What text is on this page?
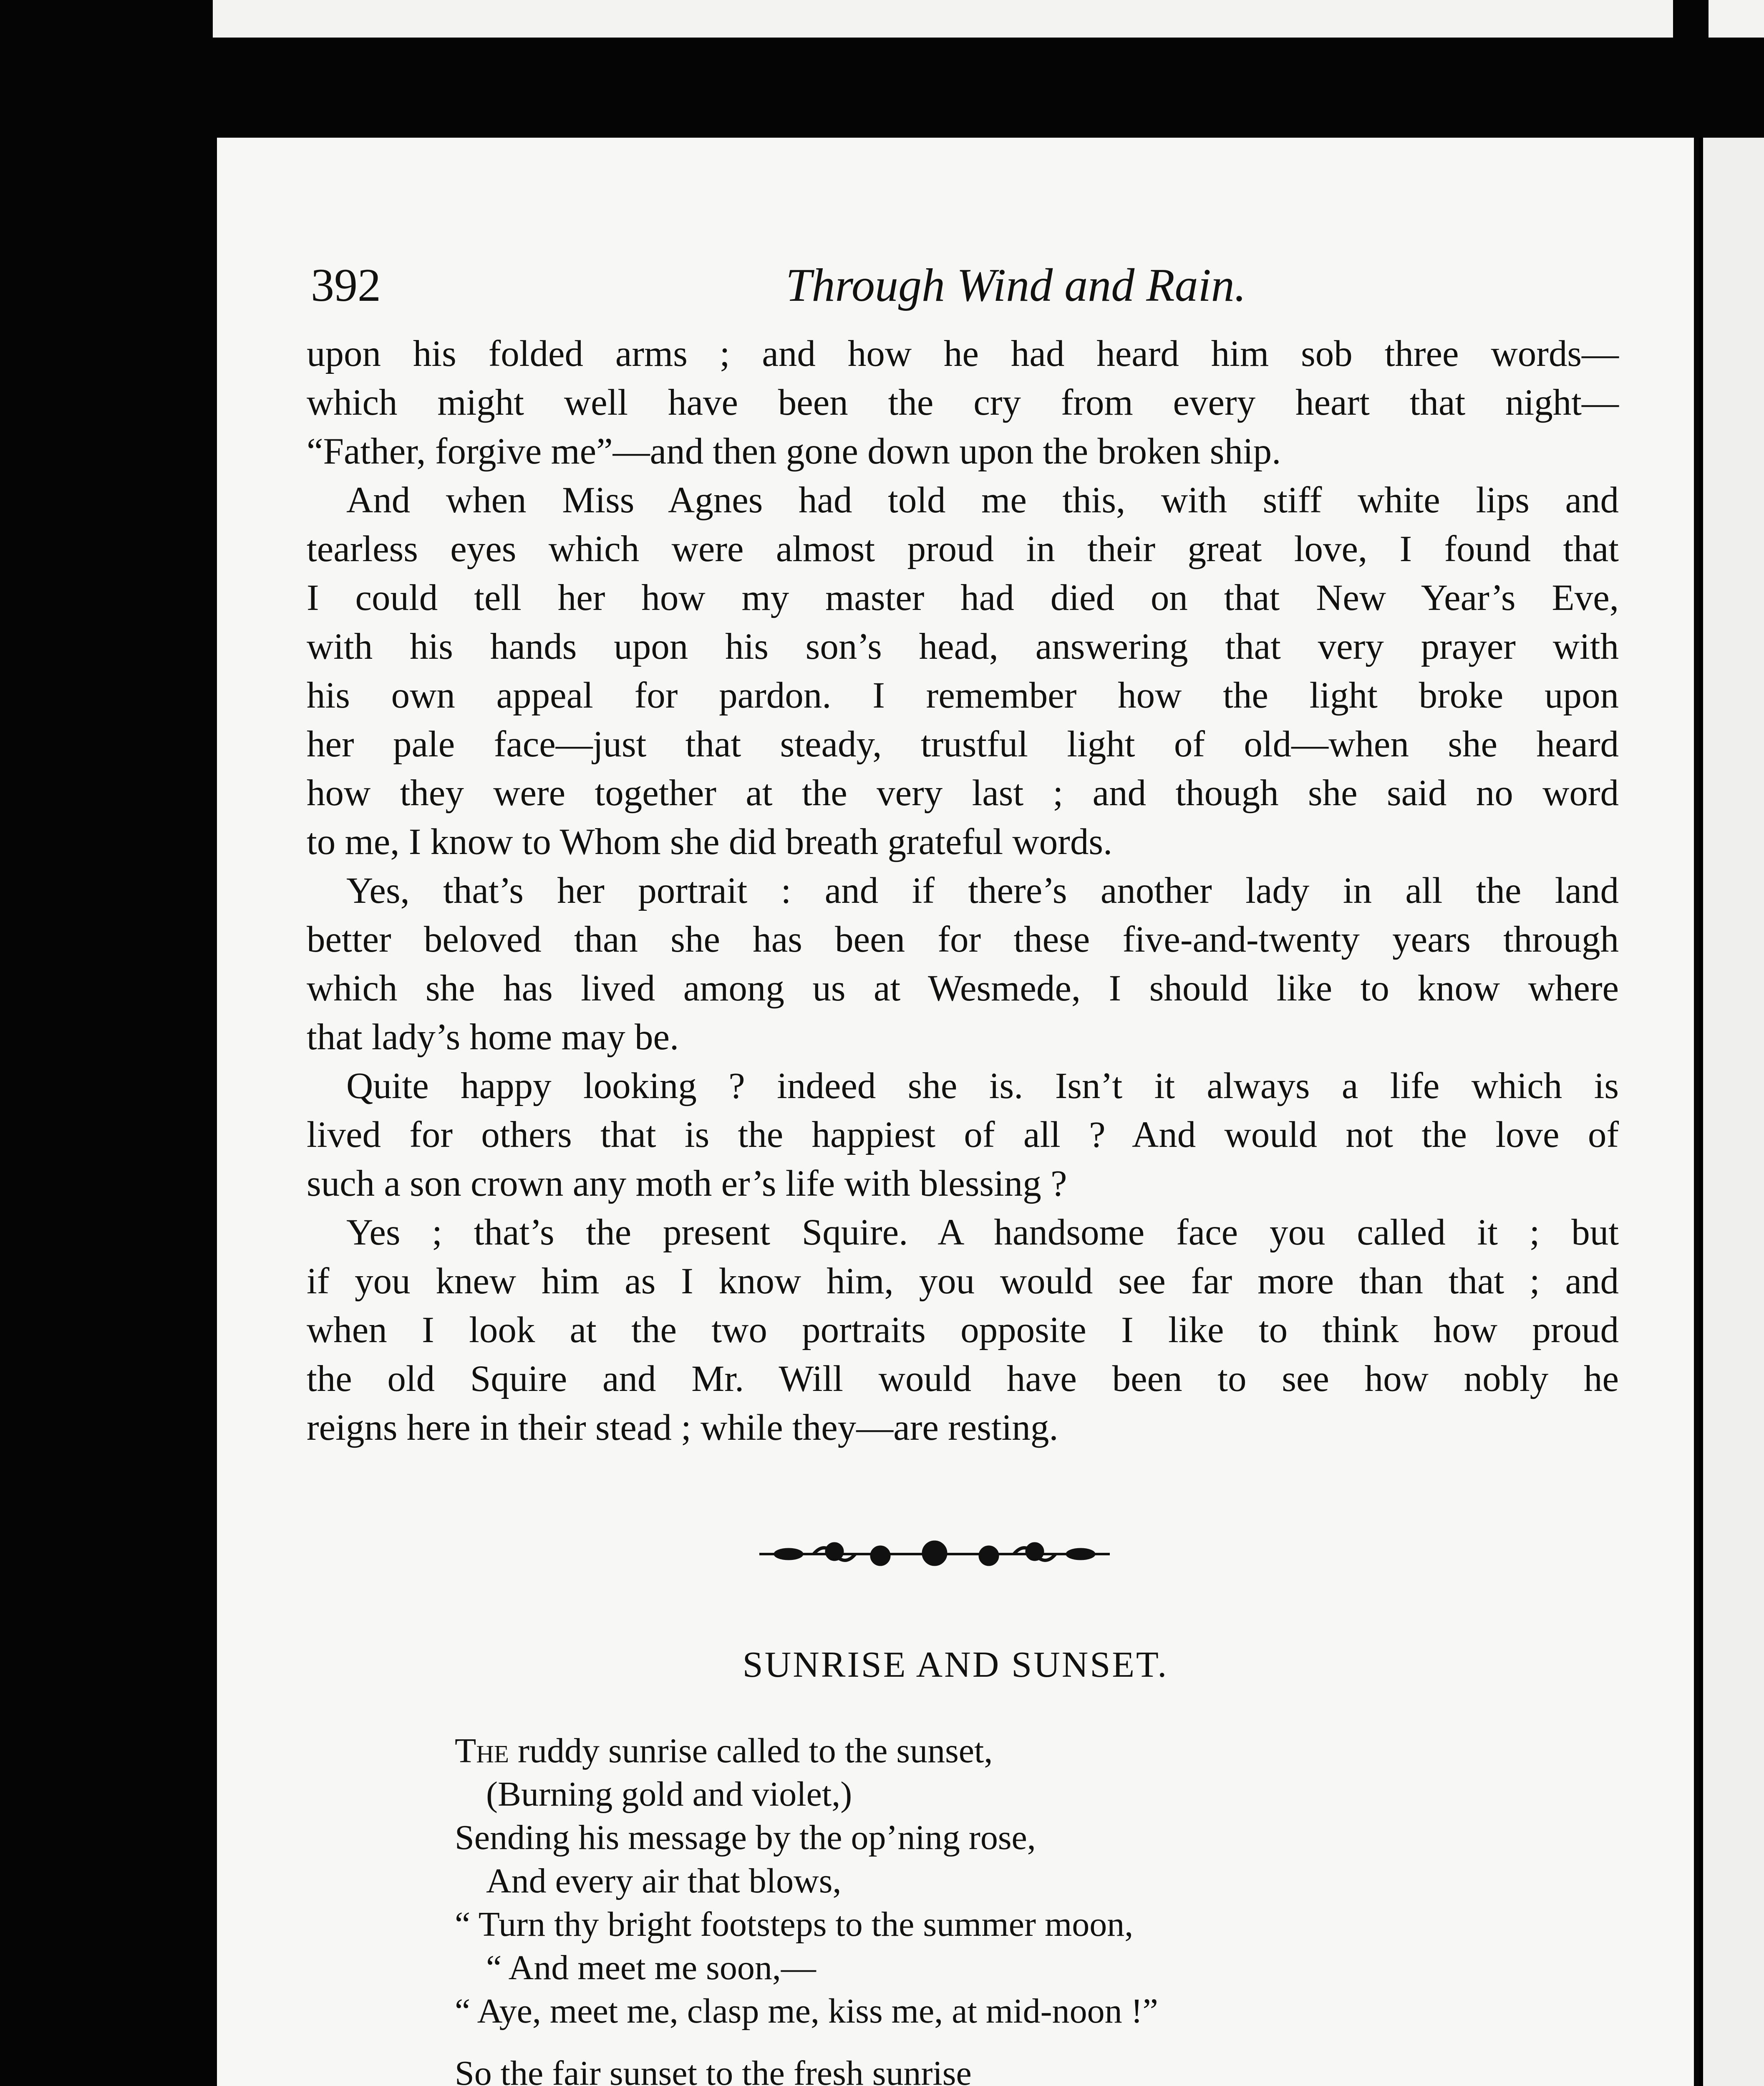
392	Through Wind and Rain.
upon his folded arms ; and how he had heard him sob three words—
which might well have been the cry from every heart that night—
“Father, forgive me”—and then gone down upon the broken ship.
And when Miss Agnes had told me this, with stiff white lips and
tearless eyes which were almost proud in their great love, I found that
I could tell her how my master had died on that New Year’s Eve,
with his hands upon his son’s head, answering that very prayer with
his own appeal for pardon. I remember how the light broke upon
her pale face—just that steady, trustful light of old—when she heard
how they were together at the very last ; and though she said no word
to me, I know to Whom she did breath grateful words.
Yes, that’s her portrait : and if there’s another lady in all the land
better beloved than she has been for these five-and-twenty years through
which she has lived among us at Wesmede, I should like to know where
that lady’s home may be.
Quite happy looking ? indeed she is. Isn’t it always a life which is
lived for others that is the happiest of all ? And would not the love of
such a son crown any moth er’s life with blessing ?
Yes ; that’s the present Squire. A handsome face you called it ; but
if you knew him as I know him, you would see far more than that ; and
when I look at the two portraits opposite I like to think how proud
the old Squire and Mr. Will would have been to see how nobly he
reigns here in their stead ; while they—are resting.
SUNRISE AND SUNSET.
The ruddy sunrise called to the sunset,
(Burning gold and violet,)
Sending his message by the op’ning rose,
And every air that blows,
“ Turn thy bright footsteps to the summer moon,
“ And meet me soon,—
“ Aye, meet me, clasp me, kiss me, at mid-noon !”
So the fair sunset to the fresh sunrise
